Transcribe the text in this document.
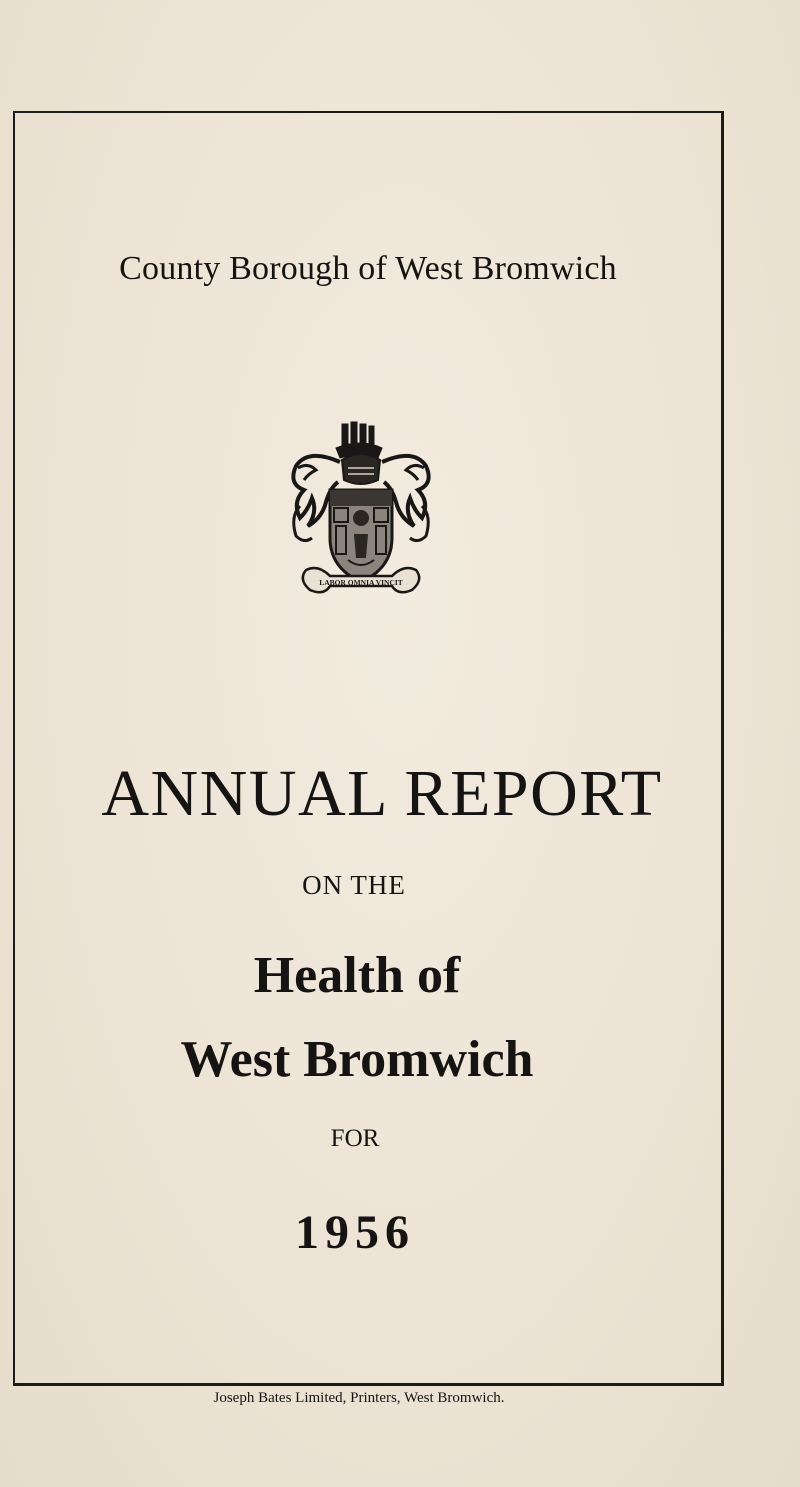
County Borough of West Bromwich
LABOR OMNIA VINCIT
ANNUAL REPORT
ON THE
Health of
West Bromwich
FOR
1956
Joseph Bates Limited, Printers, West Bromwich.
